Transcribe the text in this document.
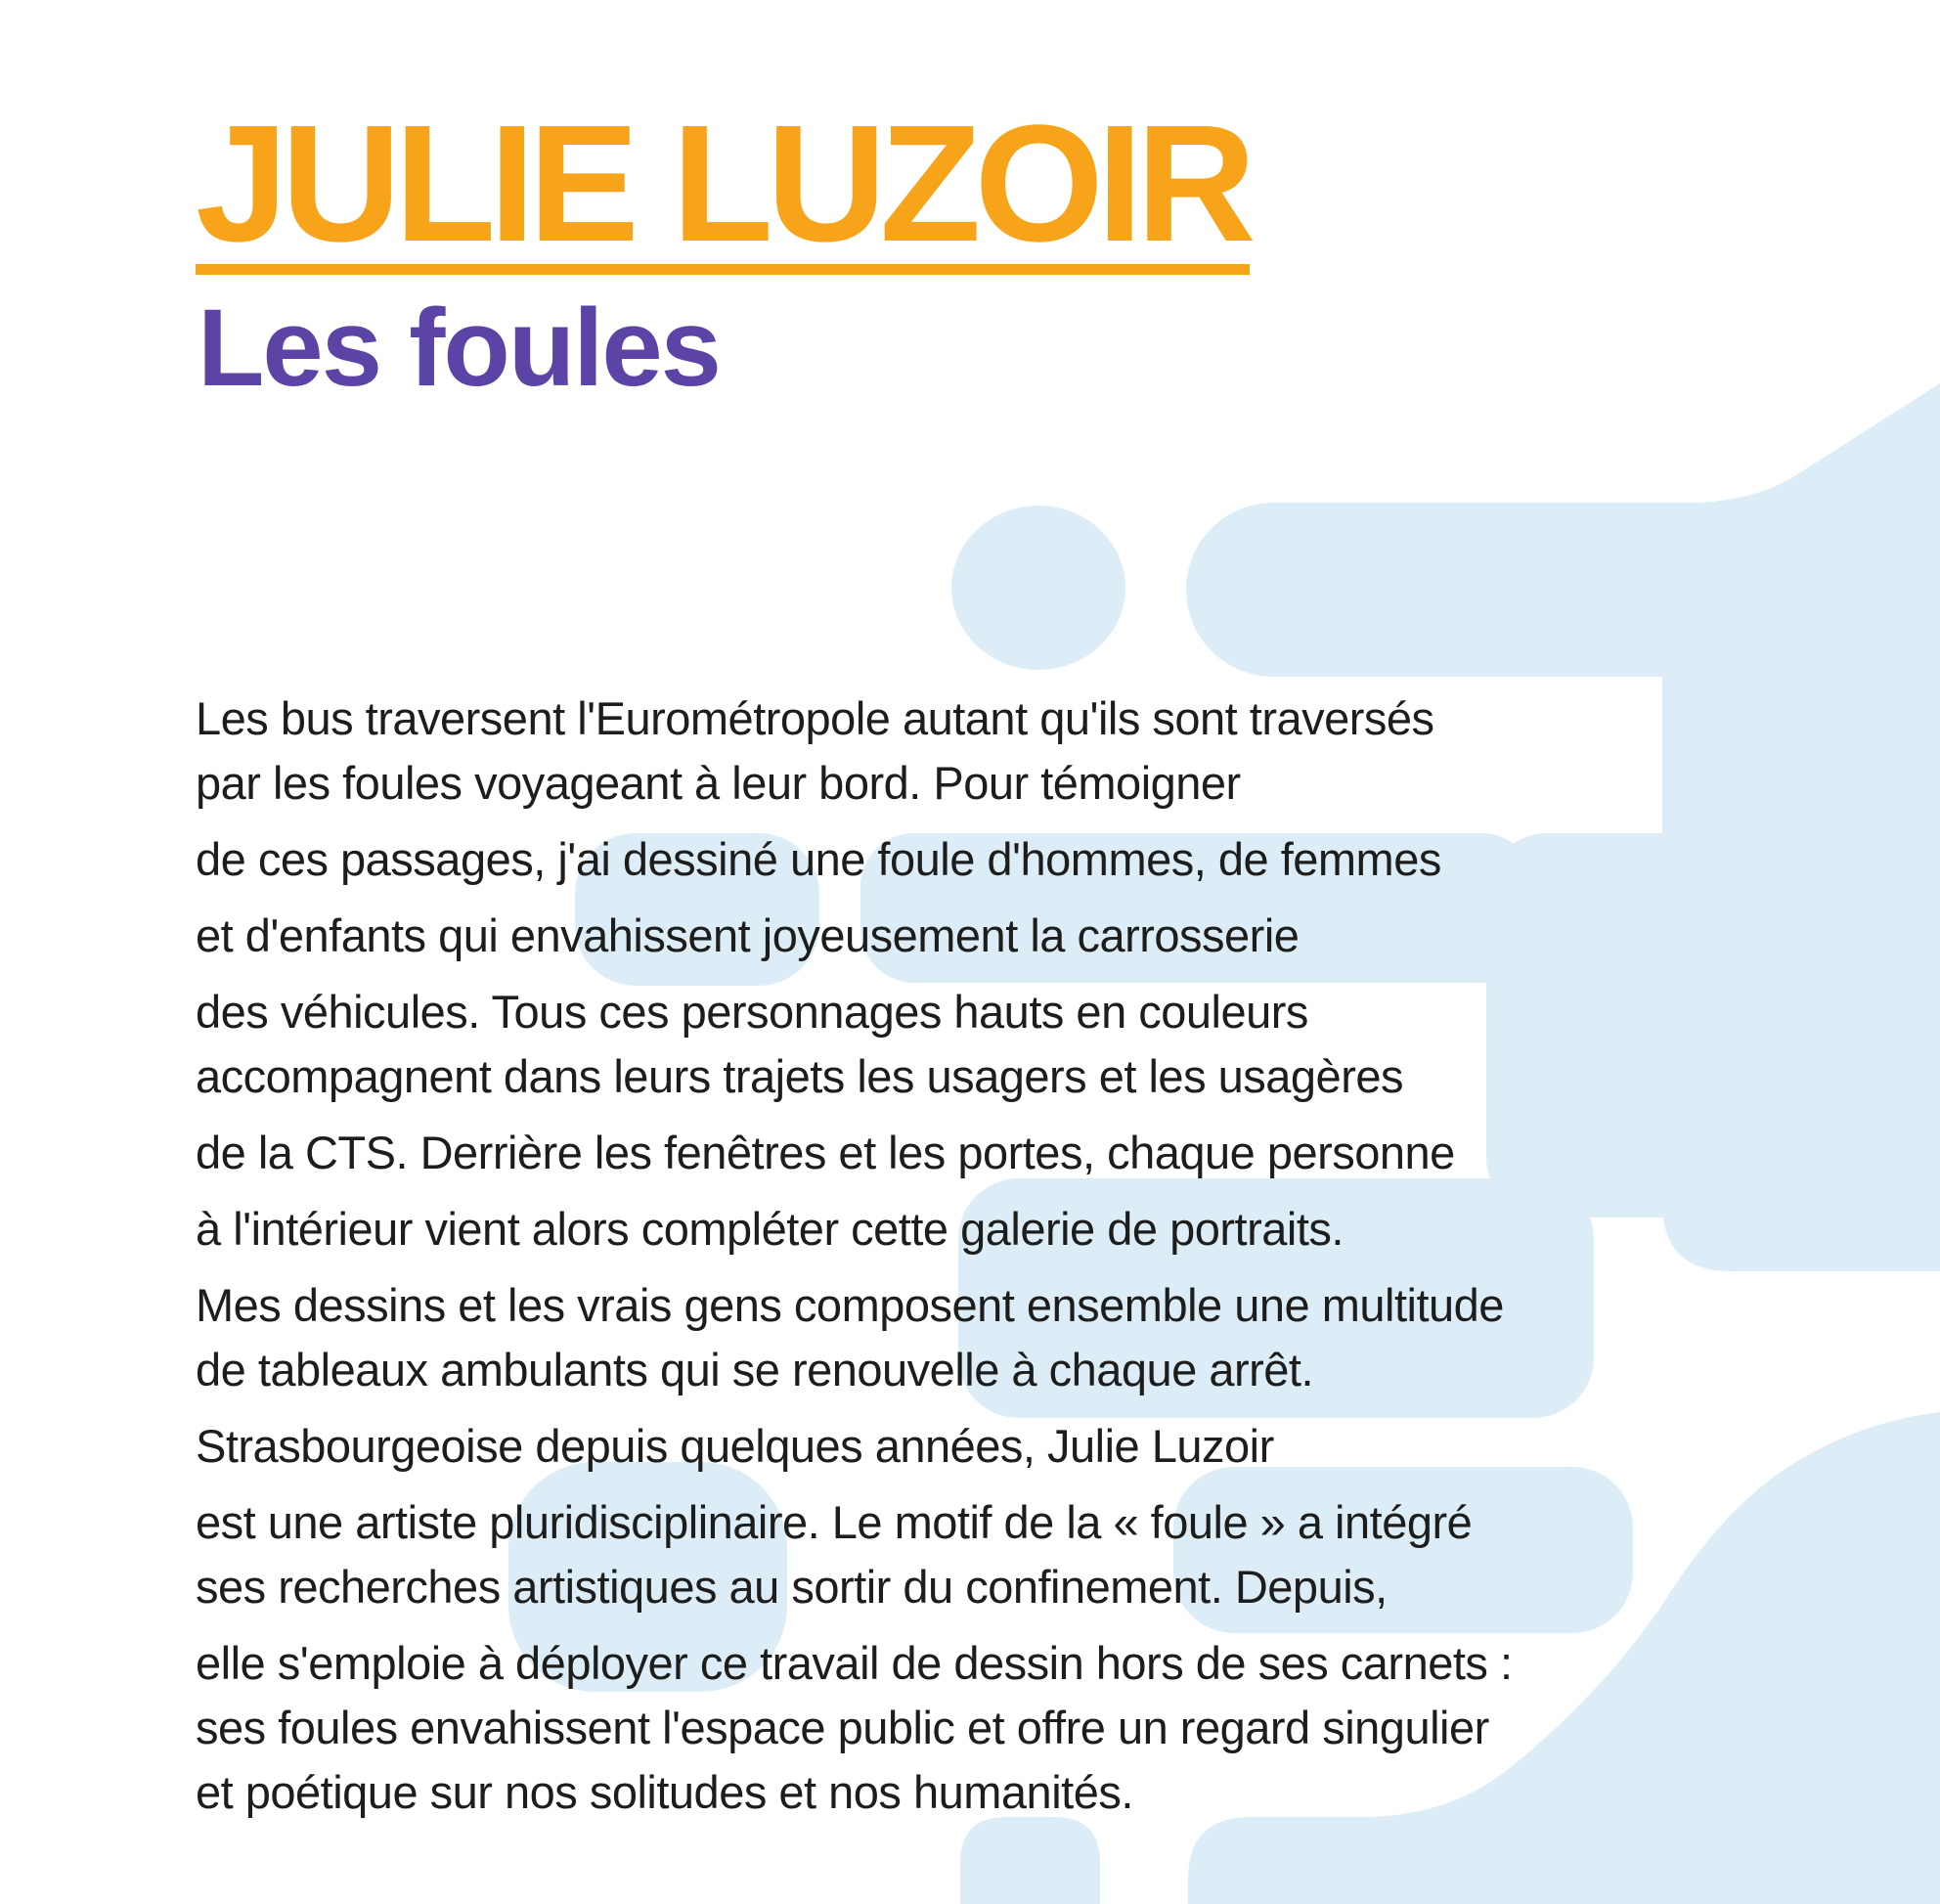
JULIE LUZOIR
Les foules

Les bus traversent l'Eurométropole autant qu'ils sont traversés
par les foules voyageant à leur bord. Pour témoigner

de ces passages, j'ai dessiné une foule d'hommes, de femmes

et d'enfants qui envahissent joyeusement la carrosserie

des véhicules. Tous ces personnages hauts en couleurs
accompagnent dans leurs trajets les usagers et les usagères

de la CTS. Derrière les fenêtres et les portes, chaque personne

à l'intérieur vient alors compléter cette galerie de portraits.

Mes dessins et les vrais gens composent ensemble une multitude
de tableaux ambulants qui se renouvelle à chaque arrêt.

Strasbourgeoise depuis quelques années, Julie Luzoir

est une artiste pluridisciplinaire. Le motif de la « foule » a intégré
ses recherches artistiques au sortir du confinement. Depuis,

elle s'emploie à déployer ce travail de dessin hors de ses carnets :
ses foules envahissent l'espace public et offre un regard singulier
et poétique sur nos solitudes et nos humanités.
